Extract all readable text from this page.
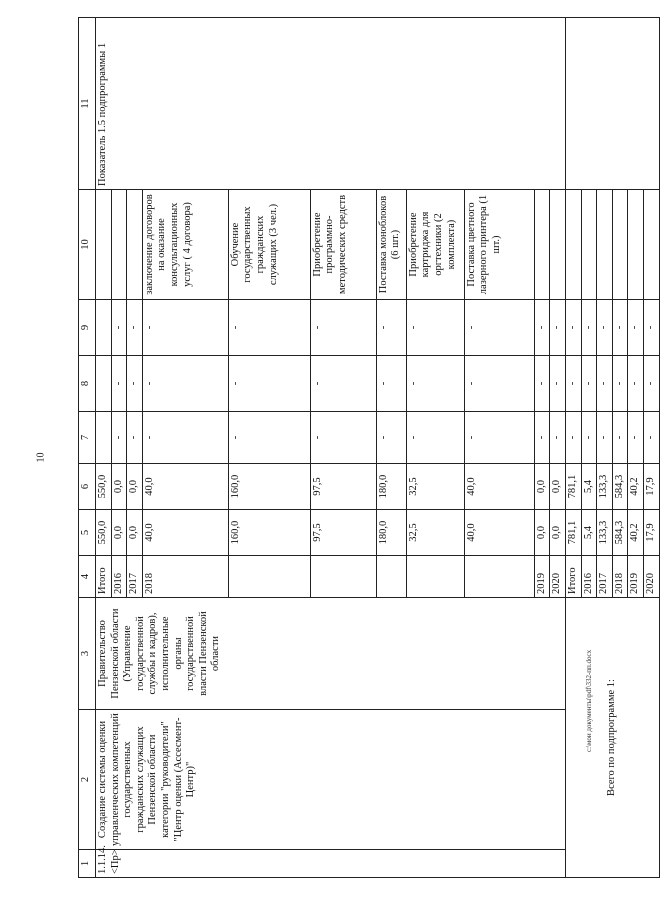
10
1	2	3	4	5	6	7	8	9	10	11
1.1.14. <Пр>	Создание системы оценки управленческих компетенций государственных гражданских служащих Пензенской области категории "руководители" "Центр оценки (Ассесмент-Центр)"	Правительство Пензенской области (Управление государственной службы и кадров), исполнительные органы государственной власти Пензенской области	Итого	550,0	550,0					Показатель 1.5 подпрограммы 1
			2016	0,0	0,0	-	-	-		
			2017	0,0	0,0	-	-	-		
			2018	40,0	40,0	-	-	-	заключение договоров на оказание консультационных услуг ( 4 договора)	
				160,0	160,0	-	-	-	Обучение государственных гражданских служащих (3 чел.)	
				97,5	97,5	-	-	-	Приобретение программно-методических средств	
				180,0	180,0	-	-	-	Поставка моноблоков (6 шт.)	
				32,5	32,5	-	-	-	Приобретение картриджа для оргтехники (2 комплекта)	
				40,0	40,0	-	-	-	Поставка цветного лазерного принтера (1 шт.)	
			2019	0,0	0,0	-	-	-		
			2020	0,0	0,0	-	-	-		
Всего по подпрограмме 1:			Итого	781,1	781,1	-	-	-		
			2016	5,4	5,4	-	-	-		
			2017	133,3	133,3	-	-	-		
			2018	584,3	584,3	-	-	-		
			2019	40,2	40,2	-	-	-		
			2020	17,9	17,9	-	-	-		
c:\мои документы\pdf\332-пп.docx
